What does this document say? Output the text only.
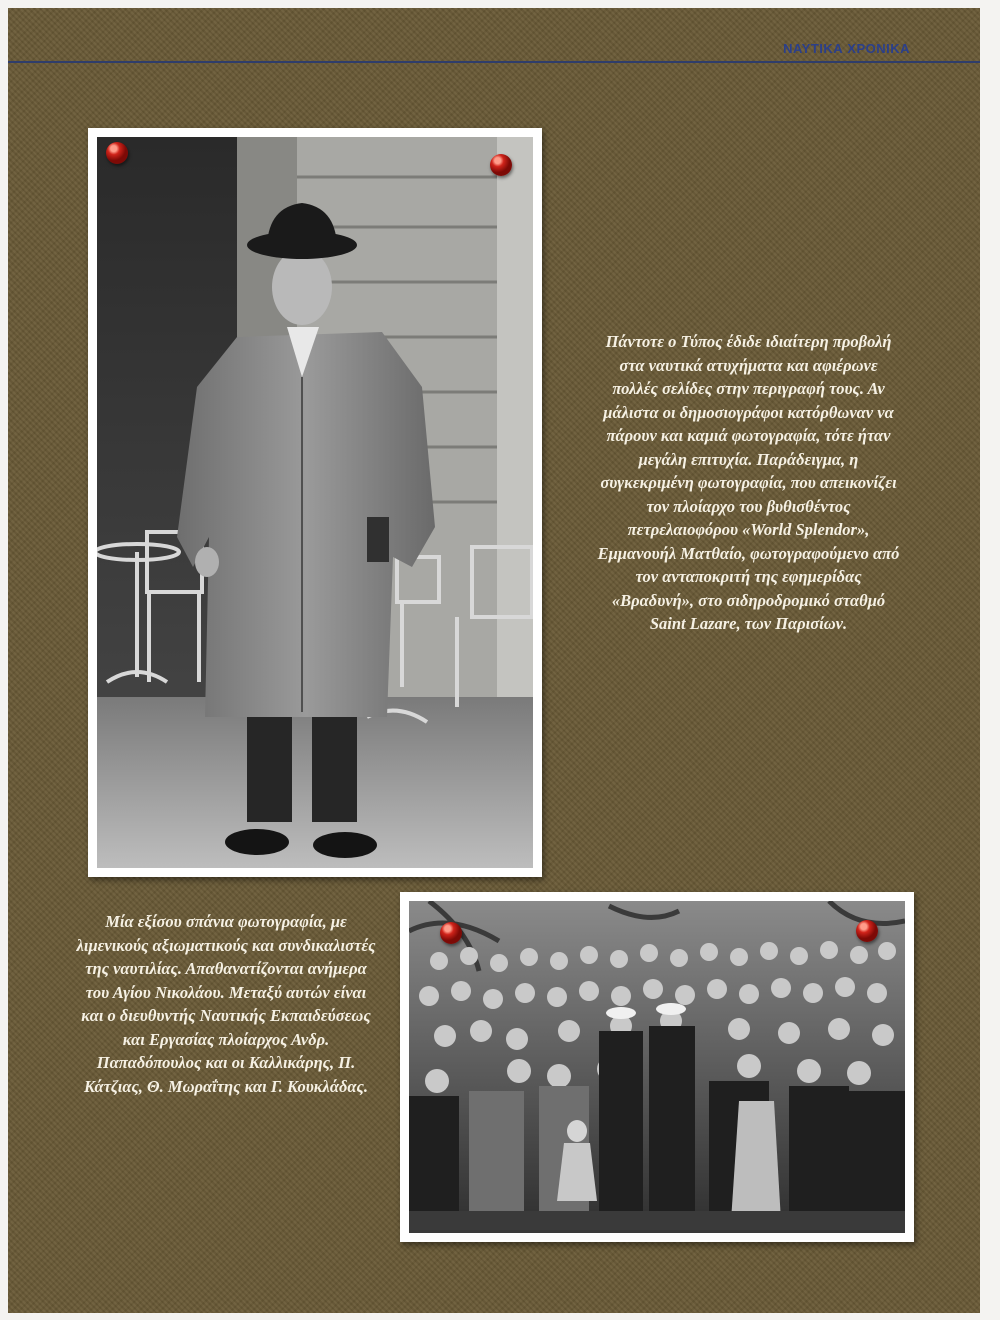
ΝΑΥΤΙΚΑ ΧΡΟΝΙΚΑ
Πάντοτε ο Τύπος έδιδε ιδιαίτερη προβολή στα ναυτικά ατυχήματα και αφιέρωνε πολλές σελίδες στην περιγραφή τους. Αν μάλιστα οι δημοσιογράφοι κατόρθωναν να πάρουν και καμιά φωτογραφία, τότε ήταν μεγάλη επιτυχία. Παράδειγμα, η συγκεκριμένη φωτογραφία, που απεικονίζει τον πλοίαρχο του βυθισθέντος πετρελαιοφόρου «World Splendor», Εμμανουήλ Ματθαίο, φωτογραφούμενο από τον ανταποκριτή της εφημερίδας «Βραδυνή», στο σιδηροδρομικό σταθμό Saint Lazare, των Παρισίων.
Μία εξίσου σπάνια φωτογραφία, με λιμενικούς αξιωματικούς και συνδικαλιστές της ναυτιλίας. Απαθανατίζονται ανήμερα του Αγίου Νικολάου. Μεταξύ αυτών είναι και ο διευθυντής Ναυτικής Εκπαιδεύσεως και Εργασίας πλοίαρχος Ανδρ. Παπαδόπουλος και οι Καλλικάρης, Π. Κάτζιας, Θ. Μωραΐτης και Γ. Κουκλάδας.
